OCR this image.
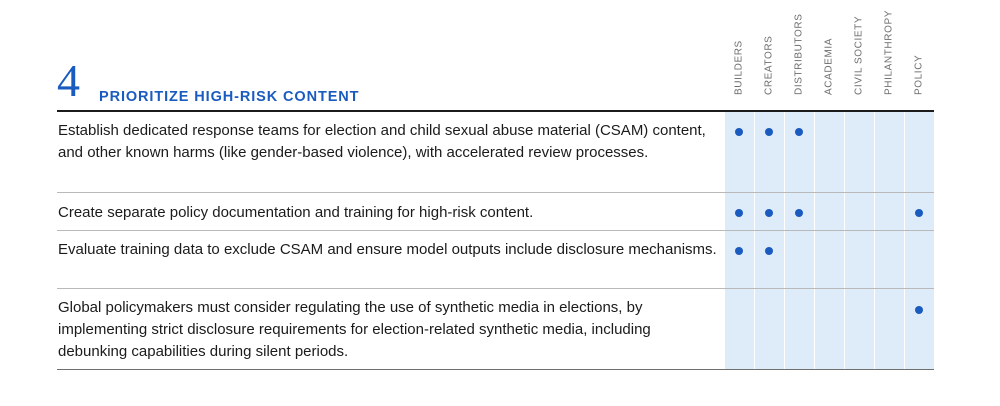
4 PRIORITIZE HIGH-RISK CONTENT
BUILDERS CREATORS DISTRIBUTORS ACADEMIA CIVIL SOCIETY PHILANTHROPY POLICY
Establish dedicated response teams for election and child sexual abuse material (CSAM) content, and other known harms (like gender-based violence), with accelerated review processes.
Create separate policy documentation and training for high-risk content.
Evaluate training data to exclude CSAM and ensure model outputs include disclosure mechanisms.
Global policymakers must consider regulating the use of synthetic media in elections, by implementing strict disclosure requirements for election-related synthetic media, including debunking capabilities during silent periods.
